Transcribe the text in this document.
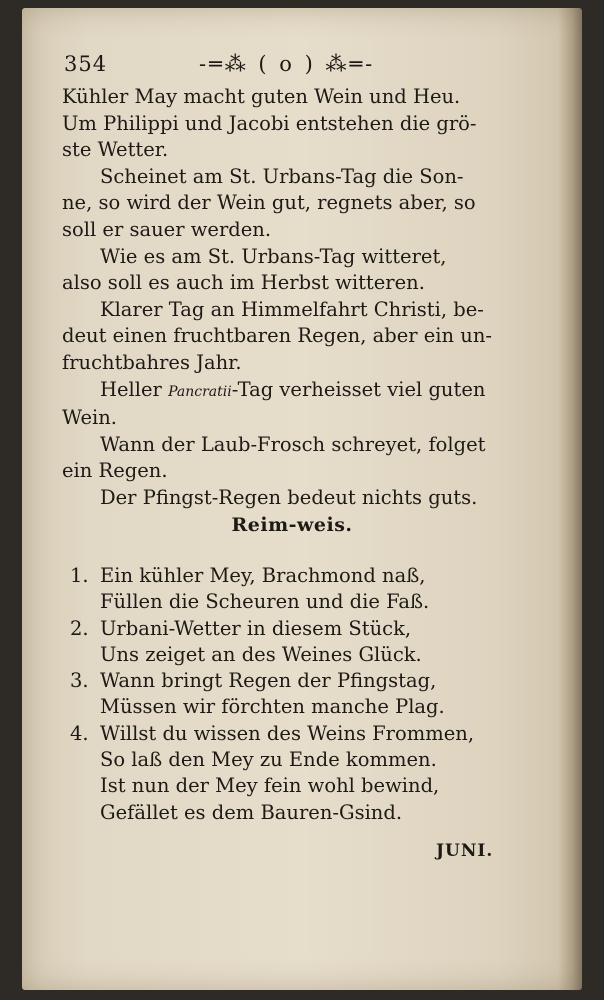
354	-═⁂ ( o ) ⁂═-

Kühler May macht guten Wein und Heu.

Um Philippi und Jacobi entstehen die grö-

ste Wetter.

Scheinet am St. Urbans-Tag die Son-

ne, so wird der Wein gut, regnets aber, so

soll er sauer werden.

Wie es am St. Urbans-Tag witteret,

also soll es auch im Herbst witteren.

Klarer Tag an Himmelfahrt Christi, be-

deut einen fruchtbaren Regen, aber ein un-

fruchtbahres Jahr.

Heller Pancratii-Tag verheisset viel guten

Wein.

Wann der Laub-Frosch schreyet, folget

ein Regen.

Der Pfingst-Regen bedeut nichts guts.

Reim-weis.
1. Ein kühler Mey, Brachmond naß,
Füllen die Scheuren und die Faß.
2. Urbani-Wetter in diesem Stück,
Uns zeiget an des Weines Glück.
3. Wann bringt Regen der Pfingstag,
Müssen wir förchten manche Plag.
4. Willst du wissen des Weins Frommen,
So laß den Mey zu Ende kommen.
Ist nun der Mey fein wohl bewind,
Gefället es dem Bauren-Gsind.
JUNI.
